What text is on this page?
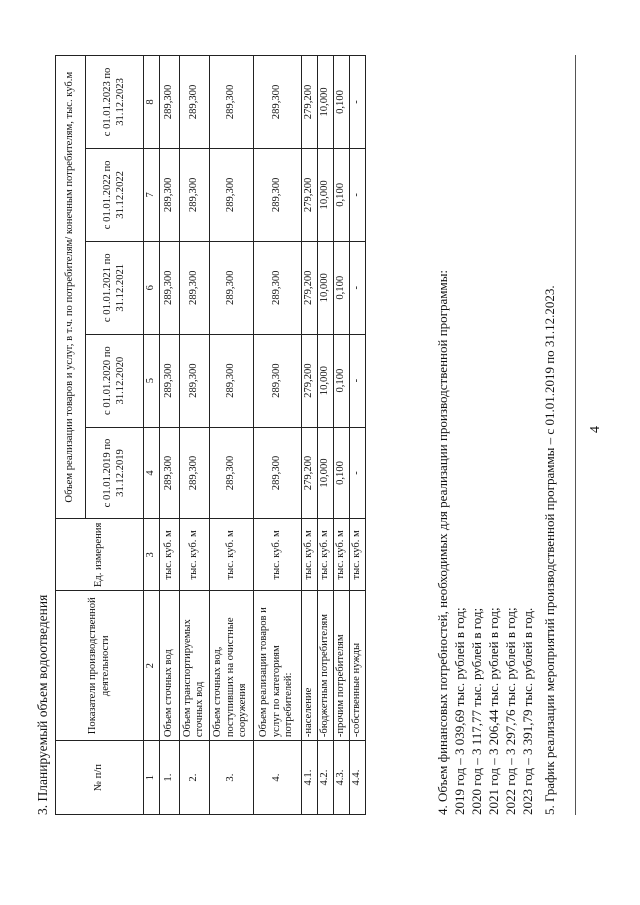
4
3. Планируемый объем водоотведения	№ п/п	Показатели производственной деятельности	Ед. измерения	Объем реализации товаров и услуг, в т.ч. по потребителям/ конечным потребителям, тыс. куб.м				
			с 01.01.2019 по 31.12.2019	с 01.01.2020 по 31.12.2020	с 01.01.2021 по 31.12.2021	с 01.01.2022 по 31.12.2022	с 01.01.2023 по 31.12.2023
1	2	3	4	5	6	7	8
1.	Объем сточных вод	тыс. куб. м	289,300	289,300	289,300	289,300	289,300
2.	Объем транспортируемых сточных вод	тыс. куб. м	289,300	289,300	289,300	289,300	289,300
3.	Объем сточных вод, поступивших на очистные сооружения	тыс. куб. м	289,300	289,300	289,300	289,300	289,300
4.	Объем реализации товаров и услуг по категориям потребителей:	тыс. куб. м	289,300	289,300	289,300	289,300	289,300
4.1.	-население	тыс. куб. м	279,200	279,200	279,200	279,200	279,200
4.2.	-бюджетным потребителям	тыс. куб. м	10,000	10,000	10,000	10,000	10,000
4.3.	-прочим потребителям	тыс. куб. м	0,100	0,100	0,100	0,100	0,100
4.4.	-собственные нужды	тыс. куб. м	-	-	-	-	-
4. Объем финансовых потребностей, необходимых для реализации производственной программы: 2019 год – 3 039,69 тыс. рублей в год; 2020 год – 3 117,77 тыс. рублей в год; 2021 год – 3 206,44 тыс. рублей в год; 2022 год – 3 297,76 тыс. рублей в год; 2023 год – 3 391,79 тыс. рублей в год. 5. График реализации мероприятий производственной программы – с 01.01.2019 по 31.12.2023.
